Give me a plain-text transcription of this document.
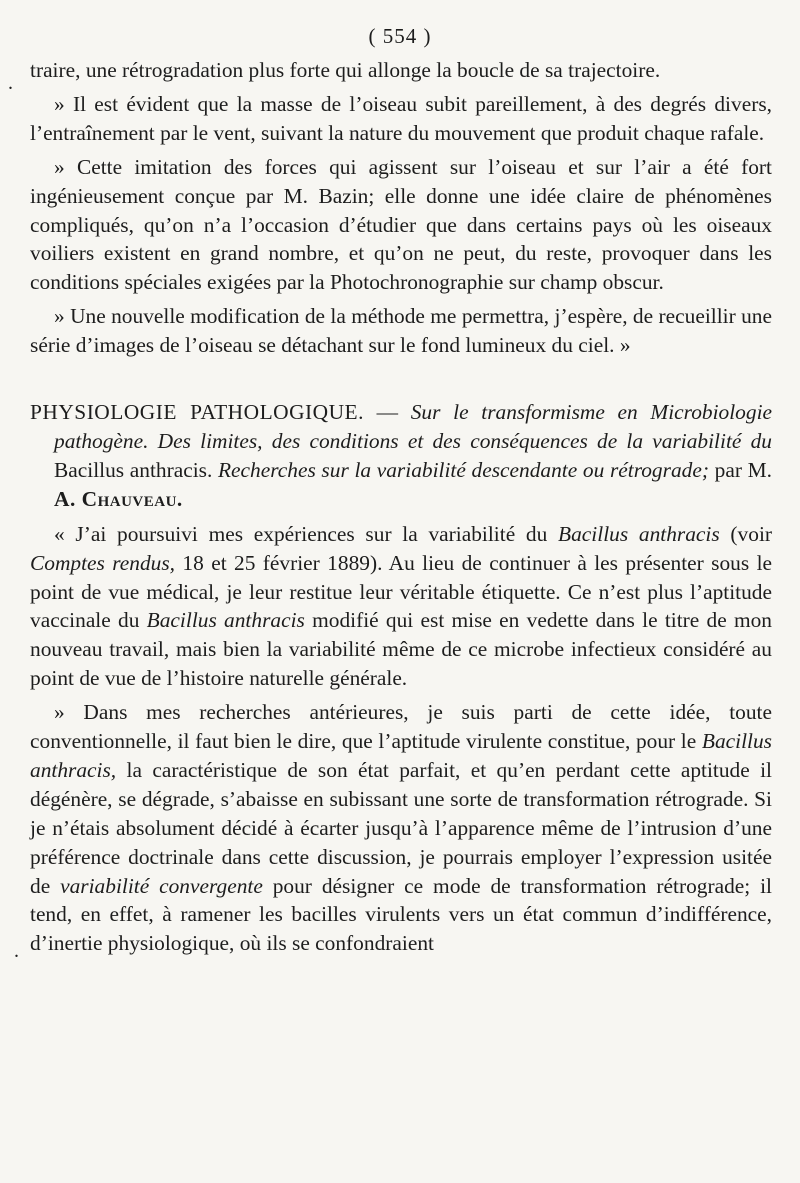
( 554 )
.
.

traire, une rétrogradation plus forte qui allonge la boucle de sa trajectoire.

» Il est évident que la masse de l’oiseau subit pareillement, à des degrés divers, l’entraînement par le vent, suivant la nature du mouvement que produit chaque rafale.

» Cette imitation des forces qui agissent sur l’oiseau et sur l’air a été fort ingénieusement conçue par M. Bazin; elle donne une idée claire de phénomènes compliqués, qu’on n’a l’occasion d’étudier que dans certains pays où les oiseaux voiliers existent en grand nombre, et qu’on ne peut, du reste, provoquer dans les conditions spéciales exigées par la Photochronographie sur champ obscur.

» Une nouvelle modification de la méthode me permettra, j’espère, de recueillir une série d’images de l’oiseau se détachant sur le fond lumineux du ciel. »

PHYSIOLOGIE PATHOLOGIQUE. — Sur le transformisme en Microbiologie pathogène. Des limites, des conditions et des conséquences de la variabilité du Bacillus anthracis. Recherches sur la variabilité descendante ou rétrograde; par M. A. Chauveau.

« J’ai poursuivi mes expériences sur la variabilité du Bacillus anthracis (voir Comptes rendus, 18 et 25 février 1889). Au lieu de continuer à les présenter sous le point de vue médical, je leur restitue leur véritable étiquette. Ce n’est plus l’aptitude vaccinale du Bacillus anthracis modifié qui est mise en vedette dans le titre de mon nouveau travail, mais bien la variabilité même de ce microbe infectieux considéré au point de vue de l’histoire naturelle générale.

» Dans mes recherches antérieures, je suis parti de cette idée, toute conventionnelle, il faut bien le dire, que l’aptitude virulente constitue, pour le Bacillus anthracis, la caractéristique de son état parfait, et qu’en perdant cette aptitude il dégénère, se dégrade, s’abaisse en subissant une sorte de transformation rétrograde. Si je n’étais absolument décidé à écarter jusqu’à l’apparence même de l’intrusion d’une préférence doctrinale dans cette discussion, je pourrais employer l’expression usitée de variabilité convergente pour désigner ce mode de transformation rétrograde; il tend, en effet, à ramener les bacilles virulents vers un état commun d’indifférence, d’inertie physiologique, où ils se confondraient
